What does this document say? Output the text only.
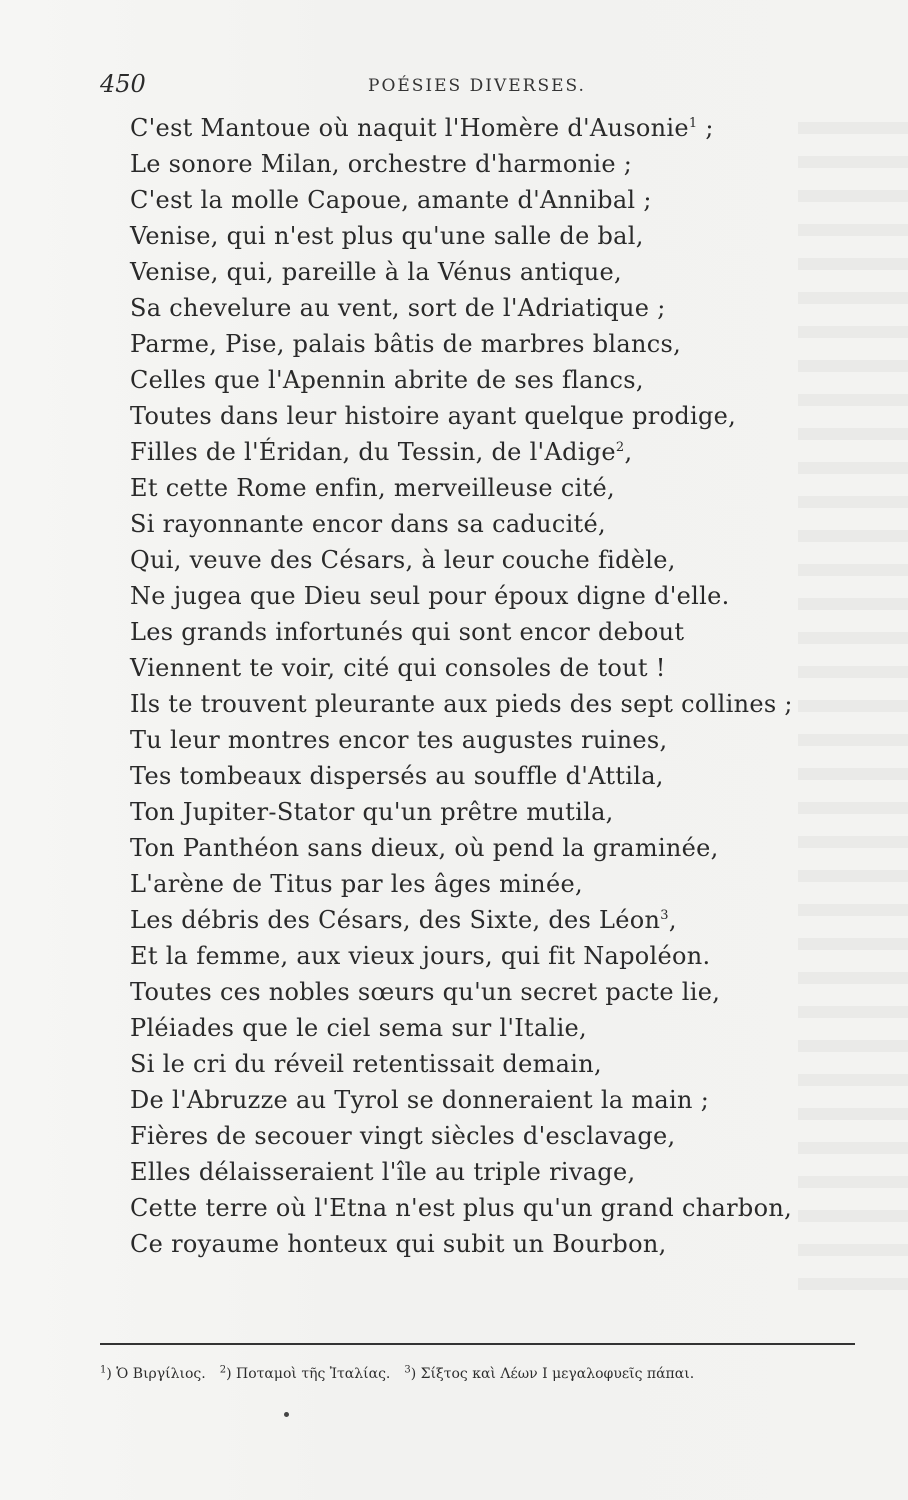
450	POÉSIES DIVERSES.
C'est Mantoue où naquit l'Homère d'Ausonie$^1$ ;
Le sonore Milan, orchestre d'harmonie ;
C'est la molle Capoue, amante d'Annibal ;
Venise, qui n'est plus qu'une salle de bal,
Venise, qui, pareille à la Vénus antique,
Sa chevelure au vent, sort de l'Adriatique ;
Parme, Pise, palais bâtis de marbres blancs,
Celles que l'Apennin abrite de ses flancs,
Toutes dans leur histoire ayant quelque prodige,
Filles de l'Éridan, du Tessin, de l'Adige$^2$,
Et cette Rome enfin, merveilleuse cité,
Si rayonnante encor dans sa caducité,
Qui, veuve des Césars, à leur couche fidèle,
Ne jugea que Dieu seul pour époux digne d'elle.
Les grands infortunés qui sont encor debout
Viennent te voir, cité qui consoles de tout !
Ils te trouvent pleurante aux pieds des sept collines ;
Tu leur montres encor tes augustes ruines,
Tes tombeaux dispersés au souffle d'Attila,
Ton Jupiter-Stator qu'un prêtre mutila,
Ton Panthéon sans dieux, où pend la graminée,
L'arène de Titus par les âges minée,
Les débris des Césars, des Sixte, des Léon$^3$,
Et la femme, aux vieux jours, qui fit Napoléon.
Toutes ces nobles sœurs qu'un secret pacte lie,
Pléiades que le ciel sema sur l'Italie,
Si le cri du réveil retentissait demain,
De l'Abruzze au Tyrol se donneraient la main ;
Fières de secouer vingt siècles d'esclavage,
Elles délaisseraient l'île au triple rivage,
Cette terre où l'Etna n'est plus qu'un grand charbon,
Ce royaume honteux qui subit un Bourbon,
$^1$) Ὁ Βιργίλιος. $^2$) Ποταμοὶ τῆς Ἰταλίας. $^3$) Σίξτος καὶ Λέων Ι μεγαλοφυεῖς πάπαι.
